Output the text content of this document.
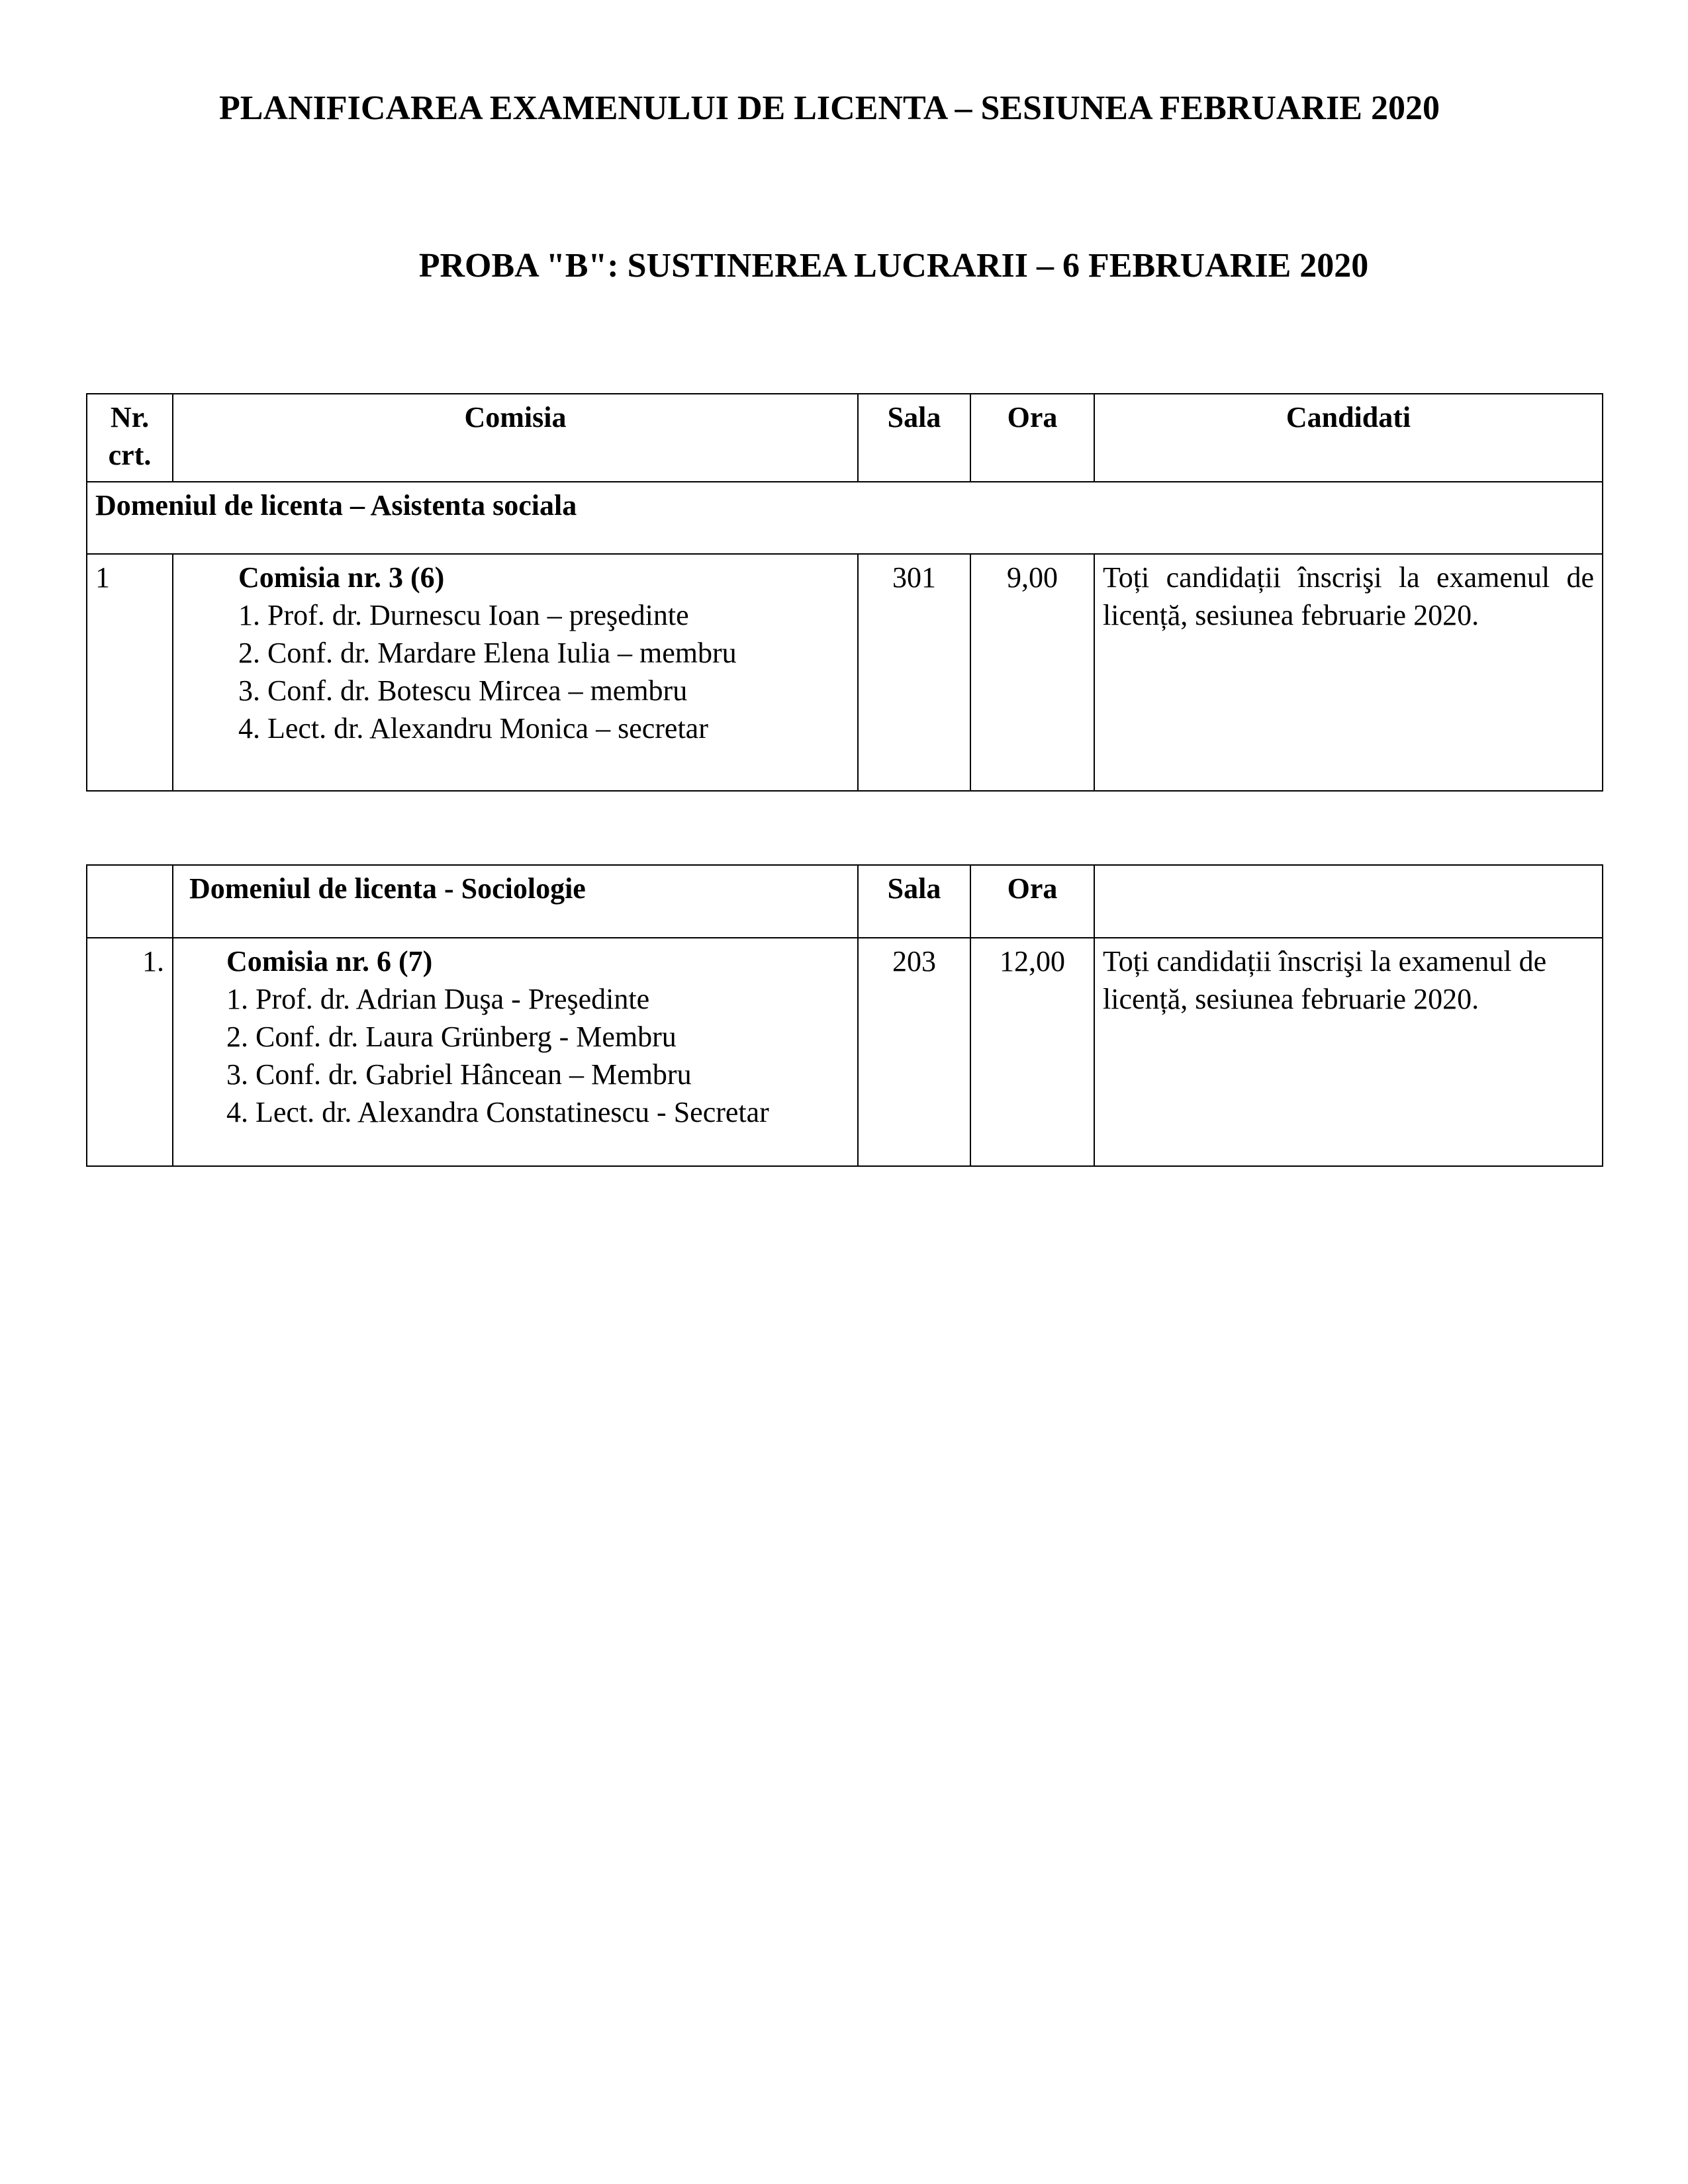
PLANIFICAREA EXAMENULUI DE LICENTA – SESIUNEA FEBRUARIE 2020
PROBA "B": SUSTINEREA LUCRARII – 6 FEBRUARIE 2020
Nr. crt.	Comisia	Sala	Ora	Candidati
Domeniul de licenta – Asistenta sociala				
1	Comisia nr. 3 (6)
1. Prof. dr. Durnescu Ioan – preşedinte
2. Conf. dr. Mardare Elena Iulia – membru
3. Conf. dr. Botescu Mircea – membru
4. Lect. dr. Alexandru Monica – secretar	301	9,00	Toți candidații înscrişi la examenul de licență, sesiunea februarie 2020.
	Domeniul de licenta - Sociologie	Sala	Ora	
1.	Comisia nr. 6 (7)
1. Prof. dr. Adrian Duşa - Preşedinte
2. Conf. dr. Laura Grünberg - Membru
3. Conf. dr. Gabriel Hâncean – Membru
4. Lect. dr. Alexandra Constatinescu - Secretar	203	12,00	Toți candidații înscrişi la examenul de licență, sesiunea februarie 2020.
